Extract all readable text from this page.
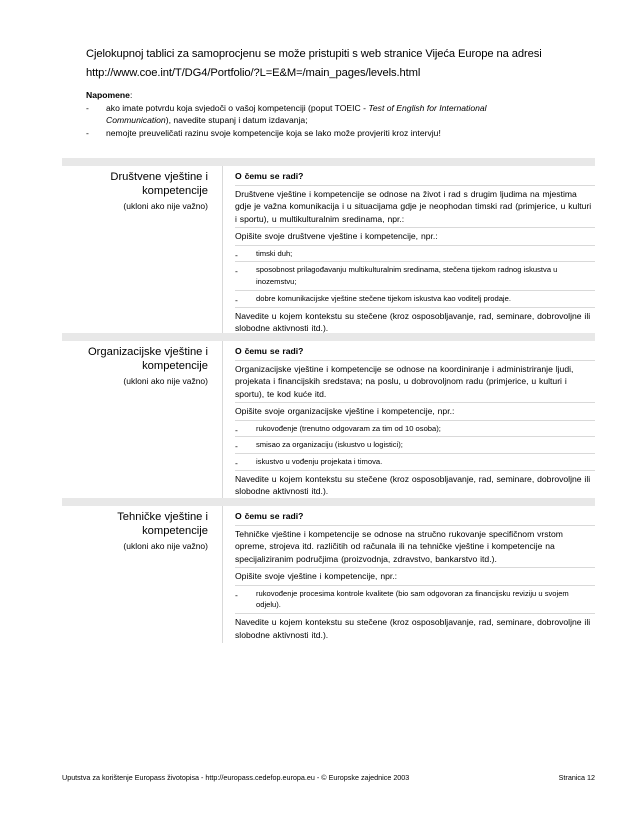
Cjelokupnoj tablici za samoprocjenu se može pristupiti s web stranice Vijeća Europe na adresi
http://www.coe.int/T/DG4/Portfolio/?L=E&M=/main_pages/levels.html
Napomene:
- ako imate potvrdu koja svjedoči o vašoj kompetenciji (poput TOEIC - Test of English for International
Communication), navedite stupanj i datum izdavanja;
- nemojte preuveličati razinu svoje kompetencije koja se lako može provjeriti kroz intervju!
Društvene vještine i
kompetencije
(ukloni ako nije važno)
O čemu se radi?
Društvene vještine i kompetencije se odnose na život i rad s drugim ljudima na mjestima gdje je važna komunikacija i u situacijama gdje je neophodan timski rad (primjerice, u kulturi i sportu), u multikulturalnim sredinama, npr.:
Opišite svoje društvene vještine i kompetencije, npr.:
- timski duh;
- sposobnost prilagođavanju multikulturalnim sredinama, stečena tijekom radnog iskustva u inozemstvu;
- dobre komunikacijske vještine stečene tijekom iskustva kao voditelj prodaje.
Navedite u kojem kontekstu su stečene (kroz osposobljavanje, rad, seminare, dobrovoljne ili slobodne aktivnosti itd.).
Organizacijske vještine i
kompetencije
(ukloni ako nije važno)
O čemu se radi?
Organizacijske vještine i kompetencije se odnose na koordiniranje i administriranje ljudi, projekata i financijskih sredstava; na poslu, u dobrovoljnom radu (primjerice, u kulturi i sportu), te kod kuće itd.
Opišite svoje organizacijske vještine i kompetencije, npr.:
- rukovođenje (trenutno odgovaram za tim od 10 osoba);
- smisao za organizaciju (iskustvo u logistici);
- iskustvo u vođenju projekata i timova.
Navedite u kojem kontekstu su stečene (kroz osposobljavanje, rad, seminare, dobrovoljne ili slobodne aktivnosti itd.).
Tehničke vještine i
kompetencije
(ukloni ako nije važno)
O čemu se radi?
Tehničke vještine i kompetencije se odnose na stručno rukovanje specifičnom vrstom opreme, strojeva itd. različitih od računala ili na tehničke vještine i kompetencije na specijaliziranim područjima (proizvodnja, zdravstvo, bankarstvo itd.).
Opišite svoje vještine i kompetencije, npr.:
- rukovođenje procesima kontrole kvalitete (bio sam odgovoran za financijsku reviziju u svojem odjelu).
Navedite u kojem kontekstu su stečene (kroz osposobljavanje, rad, seminare, dobrovoljne ili slobodne aktivnosti itd.).
Uputstva za korištenje Europass životopisa - http://europass.cedefop.europa.eu - © Europske zajednice 2003	Stranica 12
